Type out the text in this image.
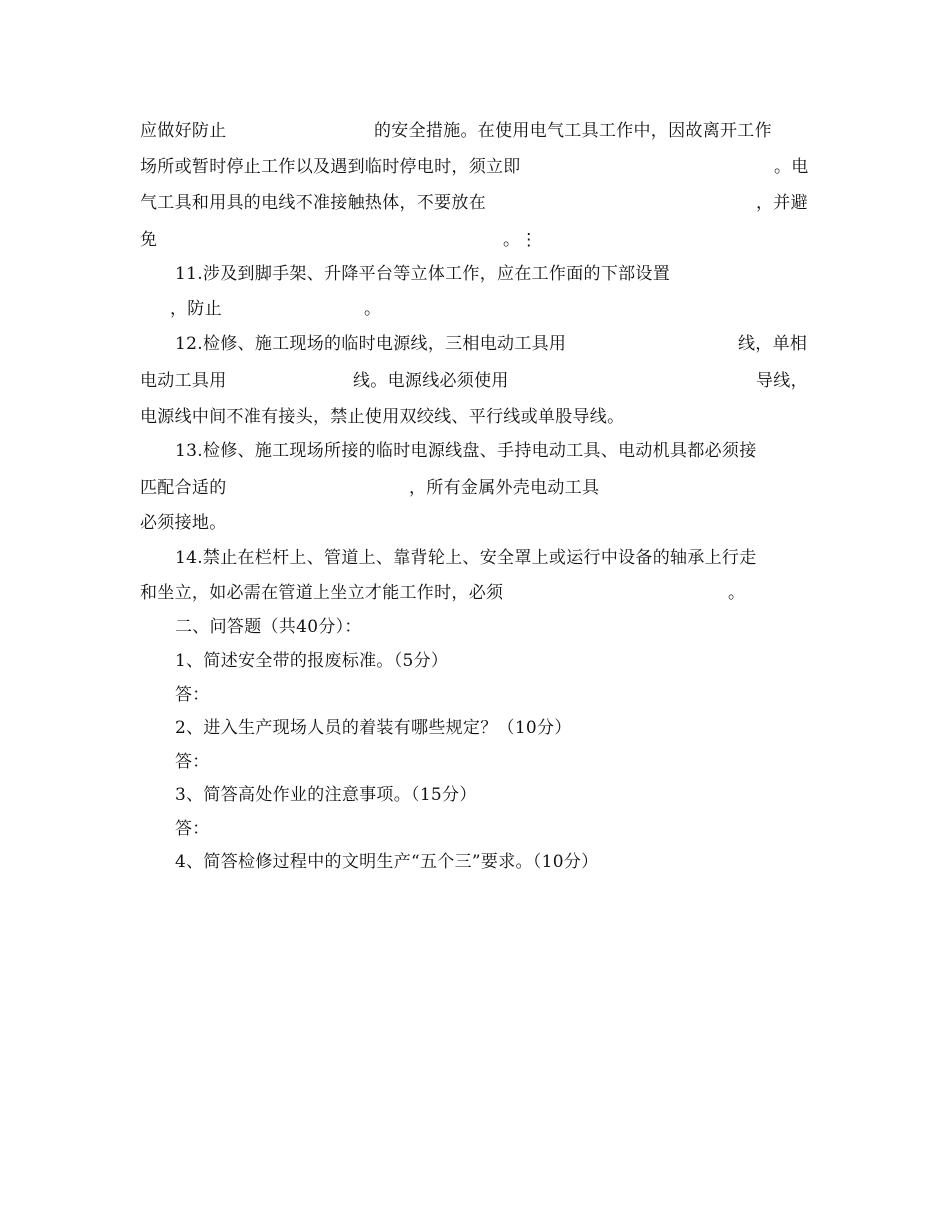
应做好防止	的安全措施。在使用电气工具工作中，因故离开工作
场所或暂时停止工作以及遇到临时停电时，须立即	。电
气工具和用具的电线不准接触热体，不要放在	，并避
免	。⋮
11.涉及到脚手架、升降平台等立体工作，应在工作面的下部设置
，防止	。
12.检修、施工现场的临时电源线，三相电动工具用	线，单相
电动工具用	线。电源线必须使用	导线，
电源线中间不准有接头，禁止使用双绞线、平行线或单股导线。
13.检修、施工现场所接的临时电源线盘、手持电动工具、电动机具都必须接
匹配合适的	，所有金属外壳电动工具
必须接地。
14.禁止在栏杆上、管道上、靠背轮上、安全罩上或运行中设备的轴承上行走
和坐立，如必需在管道上坐立才能工作时，必须	。
二、问答题（共40分）：
1、简述安全带的报废标准。（5分）
答：
2、进入生产现场人员的着装有哪些规定？（10分）
答：
3、简答高处作业的注意事项。（15分）
答：
4、简答检修过程中的文明生产“五个三”要求。（10分）
